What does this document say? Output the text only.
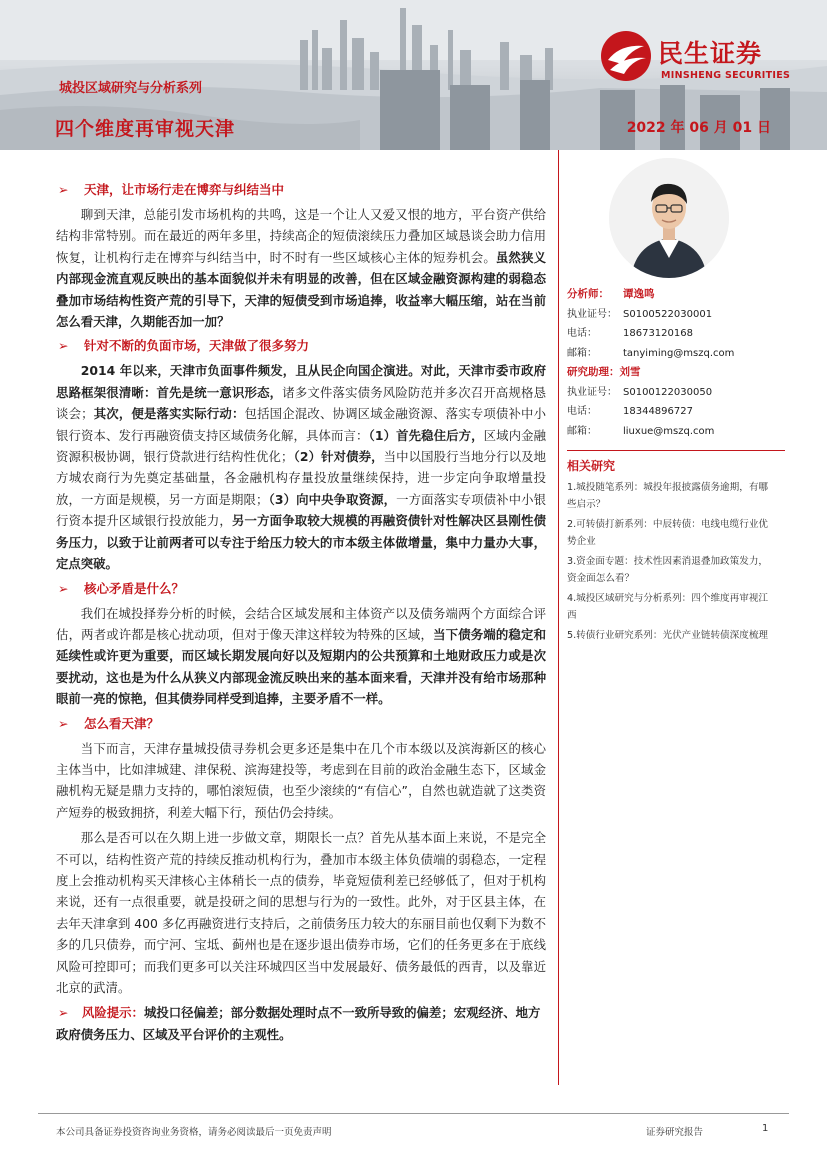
城投区域研究与分析系列
四个维度再审视天津	2022 年 06 月 01 日
民生证券
MINSHENG SECURITIES
➢ 天津，让市场行走在博弈与纠结当中

聊到天津，总能引发市场机构的共鸣，这是一个让人又爱又恨的地方，平台资产供给结构非常特别。而在最近的两年多里，持续高企的短债滚续压力叠加区域恳谈会助力信用恢复，让机构行走在博弈与纠结当中，时不时有一些区域核心主体的短券机会。虽然狭义内部现金流直观反映出的基本面貌似并未有明显的改善，但在区域金融资源构建的弱稳态叠加市场结构性资产荒的引导下，天津的短债受到市场追捧，收益率大幅压缩，站在当前怎么看天津，久期能否加一加？

➢ 针对不断的负面市场，天津做了很多努力

2014 年以来，天津市负面事件频发，且从民企向国企演进。对此，天津市委市政府思路框架很清晰：首先是统一意识形态，诸多文件落实债务风险防范并多次召开高规格恳谈会；其次，便是落实实际行动：包括国企混改、协调区域金融资源、落实专项债补中小银行资本、发行再融资债支持区域债务化解，具体而言：（1）首先稳住后方，区域内金融资源积极协调，银行贷款进行结构性优化；（2）针对债券，当中以国股行当地分行以及地方城农商行为先奠定基础量，各金融机构存量投放量继续保持，进一步定向争取增量投放，一方面是规模，另一方面是期限；（3）向中央争取资源，一方面落实专项债补中小银行资本提升区域银行投放能力，另一方面争取较大规模的再融资债针对性解决区县刚性债务压力，以致于让前两者可以专注于给压力较大的市本级主体做增量，集中力量办大事，定点突破。

➢ 核心矛盾是什么？

我们在城投择券分析的时候，会结合区域发展和主体资产以及债务端两个方面综合评估，两者或许都是核心扰动项，但对于像天津这样较为特殊的区域，当下债务端的稳定和延续性或许更为重要，而区域长期发展向好以及短期内的公共预算和土地财政压力或是次要扰动，这也是为什么从狭义内部现金流反映出来的基本面来看，天津并没有给市场那种眼前一亮的惊艳，但其债券同样受到追捧，主要矛盾不一样。

➢ 怎么看天津？

当下而言，天津存量城投债寻券机会更多还是集中在几个市本级以及滨海新区的核心主体当中，比如津城建、津保税、滨海建投等，考虑到在目前的政治金融生态下，区域金融机构无疑是鼎力支持的，哪怕滚短债，也至少滚续的“有信心”，自然也就造就了这类资产短券的极致拥挤，利差大幅下行，预估仍会持续。

那么是否可以在久期上进一步做文章，期限长一点？首先从基本面上来说，不是完全不可以，结构性资产荒的持续反推动机构行为，叠加市本级主体负债端的弱稳态，一定程度上会推动机构买天津核心主体稍长一点的债券，毕竟短债利差已经够低了，但对于机构来说，还有一点很重要，就是投研之间的思想与行为的一致性。此外，对于区县主体，在去年天津拿到 400 多亿再融资进行支持后，之前债务压力较大的东丽目前也仅剩下为数不多的几只债券，而宁河、宝坻、蓟州也是在逐步退出债券市场，它们的任务更多在于底线风险可控即可；而我们更多可以关注环城四区当中发展最好、债务最低的西青，以及靠近北京的武清。

➢ 风险提示：城投口径偏差；部分数据处理时点不一致所导致的偏差；宏观经济、地方政府债务压力、区域及平台评价的主观性。

分析师： 谭逸鸣
执业证号： S0100522030001
电话：	18673120168
邮箱：	tanyiming@mszq.com
研究助理：刘雪
执业证号： S0100122030050
电话：	18344896727
邮箱：	liuxue@mszq.com
相关研究
1.城投随笔系列：城投年报披露债务逾期，有哪些启示？
2.可转债打新系列：中辰转债：电线电缆行业优势企业
3.资金面专题：技术性因素消退叠加政策发力，资金面怎么看？
4.城投区域研究与分析系列：四个维度再审视江西
5.转债行业研究系列：光伏产业链转债深度梳理
本公司具备证券投资咨询业务资格，请务必阅读最后一页免责声明	证券研究报告	1
